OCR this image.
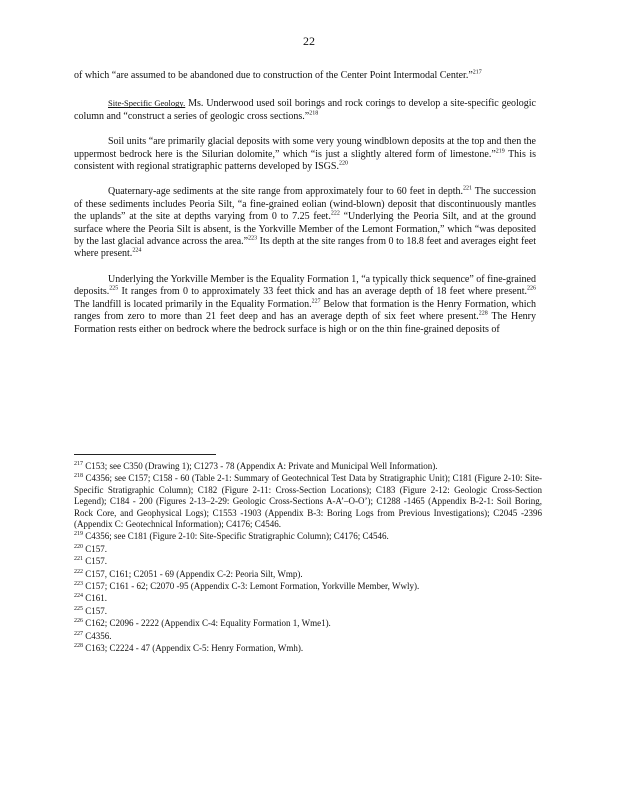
22

of which “are assumed to be abandoned due to construction of the Center Point Intermodal Center.”$^{217}$

Site-Specific Geology. Ms. Underwood used soil borings and rock corings to develop a site-specific geologic column and “construct a series of geologic cross sections.”$^{218}$

Soil units “are primarily glacial deposits with some very young windblown deposits at the top and then the uppermost bedrock here is the Silurian dolomite,” which “is just a slightly altered form of limestone.”$^{219}$ This is consistent with regional stratigraphic patterns developed by ISGS.$^{220}$

Quaternary-age sediments at the site range from approximately four to 60 feet in depth.$^{221}$ The succession of these sediments includes Peoria Silt, “a fine-grained eolian (wind-blown) deposit that discontinuously mantles the uplands” at the site at depths varying from 0 to 7.25 feet.$^{222}$ “Underlying the Peoria Silt, and at the ground surface where the Peoria Silt is absent, is the Yorkville Member of the Lemont Formation,” which “was deposited by the last glacial advance across the area.”$^{223}$ Its depth at the site ranges from 0 to 18.8 feet and averages eight feet where present.$^{224}$

Underlying the Yorkville Member is the Equality Formation 1, “a typically thick sequence” of fine-grained deposits.$^{225}$ It ranges from 0 to approximately 33 feet thick and has an average depth of 18 feet where present.$^{226}$ The landfill is located primarily in the Equality Formation.$^{227}$ Below that formation is the Henry Formation, which ranges from zero to more than 21 feet deep and has an average depth of six feet where present.$^{228}$ The Henry Formation rests either on bedrock where the bedrock surface is high or on the thin fine-grained deposits of

$^{217}$ C153; see C350 (Drawing 1); C1273 - 78 (Appendix A: Private and Municipal Well Information).
$^{218}$ C4356; see C157; C158 - 60 (Table 2-1: Summary of Geotechnical Test Data by Stratigraphic Unit); C181 (Figure 2-10: Site-Specific Stratigraphic Column); C182 (Figure 2-11: Cross-Section Locations); C183 (Figure 2-12: Geologic Cross-Section Legend); C184 - 200 (Figures 2-13–2-29: Geologic Cross-Sections A-A’–O-O’); C1288 -1465 (Appendix B-2-1: Soil Boring, Rock Core, and Geophysical Logs); C1553 -1903 (Appendix B-3: Boring Logs from Previous Investigations); C2045 -2396 (Appendix C: Geotechnical Information); C4176; C4546.
$^{219}$ C4356; see C181 (Figure 2-10: Site-Specific Stratigraphic Column); C4176; C4546.
$^{220}$ C157.
$^{221}$ C157.
$^{222}$ C157, C161; C2051 - 69 (Appendix C-2: Peoria Silt, Wmp).
$^{223}$ C157; C161 - 62; C2070 -95 (Appendix C-3: Lemont Formation, Yorkville Member, Wwly).
$^{224}$ C161.
$^{225}$ C157.
$^{226}$ C162; C2096 - 2222 (Appendix C-4: Equality Formation 1, Wme1).
$^{227}$ C4356.
$^{228}$ C163; C2224 - 47 (Appendix C-5: Henry Formation, Wmh).
